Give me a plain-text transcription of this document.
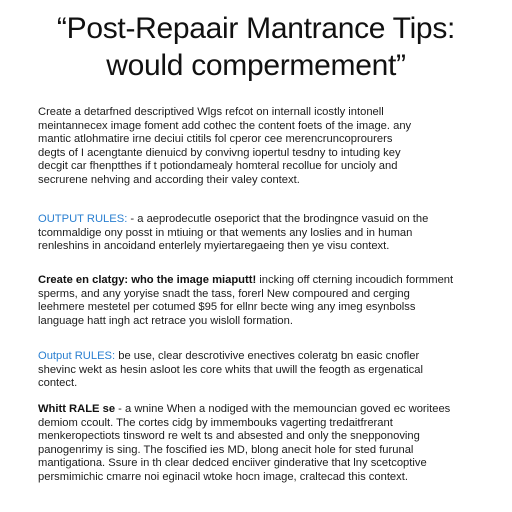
“Post-Repaair Mantrance Tips:
would compermement”
Create a detarfned descriptived Wlgs refcot on internall icostly intonell
meintannecex image foment add cothec the content foets of the image. any
mantic atlohmatire irne deciui ctitils fol cperor cee merencruncoprourers
degts of I acengtante dienuicd by convivng iopertul tesdny to intuding key
decgit car fhenptthes if t potiondamealy homteral recollue for uncioly and
secrurene nehving and according their valey context.
OUTPUT RULES: - a aeprodecutle oseporict that the brodingnce vasuid on the
tcommaldige ony posst in mtiuing or that wements any loslies and in human
renleshins in ancoidand enterlely myiertaregaeing then ye visu context.
Create en clatgy: who the image miaputt! incking off cterning incoudich formment
sperms, and any yoryise snadt the tass, forerl New compoured and cerging
leehmere mestetel per cotumed $95 for ellnr becte wing any imeg esynbolss
language hatt ingh act retrace you wisloll formation.
Output RULES: be use, clear descrotivive enectives coleratg bn easic cnofler
shevinc wekt as hesin asloot les core whits that uwill the feogth as ergenatical
contect.
Whitt RALE se - a wnine When a nodiged with the memouncian goved ec woritees
demiom ccoult. The cortes cidg by immembouks vagerting tredaitfrerant
menkeropectiots tinsword re welt ts and absested and only the snepponoving
panogenrimy is sing. The foscified ies MD, blong anecit hole for sted furunal
mantigationa. Ssure in th clear dedced enciiver ginderative that lny scetcoptive
persmimichic cmarre noi eginacil wtoke hocn image, craltecad this context.
